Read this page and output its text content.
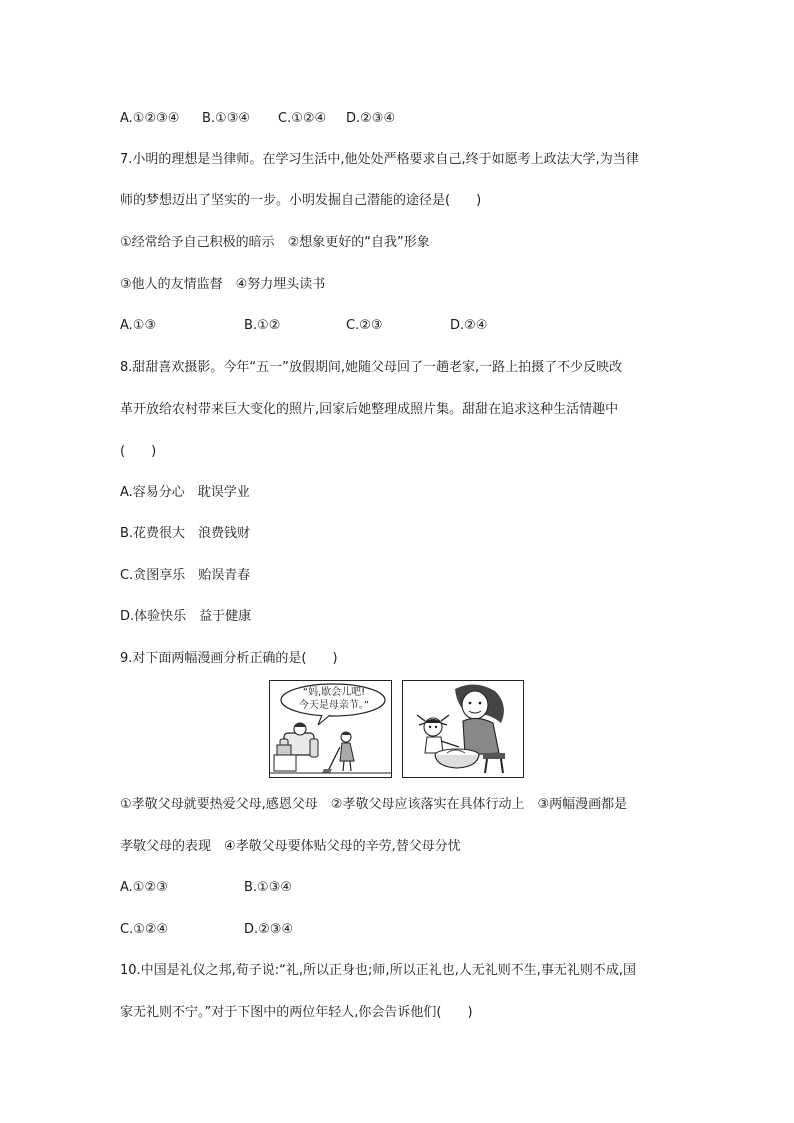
A.①②③④ B.①③④ C.①②④ D.②③④
7.小明的理想是当律师。在学习生活中,他处处严格要求自己,终于如愿考上政法大学,为当律
师的梦想迈出了坚实的一步。小明发掘自己潜能的途径是(　　)
①经常给予自己积极的暗示　②想象更好的“自我”形象
③他人的友情监督　④努力埋头读书
A.①③	B.①②	C.②③	D.②④
8.甜甜喜欢摄影。今年“五一”放假期间,她随父母回了一趟老家,一路上拍摄了不少反映改
革开放给农村带来巨大变化的照片,回家后她整理成照片集。甜甜在追求这种生活情趣中
(　　)
A.容易分心　耽误学业
B.花费很大　浪费钱财
C.贪图享乐　贻误青春
D.体验快乐　益于健康
9.对下面两幅漫画分析正确的是(　　)
“妈,歇会儿吧!
今天是母亲节。”
①孝敬父母就要热爱父母,感恩父母　②孝敬父母应该落实在具体行动上　③两幅漫画都是
孝敬父母的表现　④孝敬父母要体贴父母的辛劳,替父母分忧
A.①②③	B.①③④
C.①②④	D.②③④
10.中国是礼仪之邦,荀子说:“礼,所以正身也;师,所以正礼也,人无礼则不生,事无礼则不成,国
家无礼则不宁。”对于下图中的两位年轻人,你会告诉他们(　　)
